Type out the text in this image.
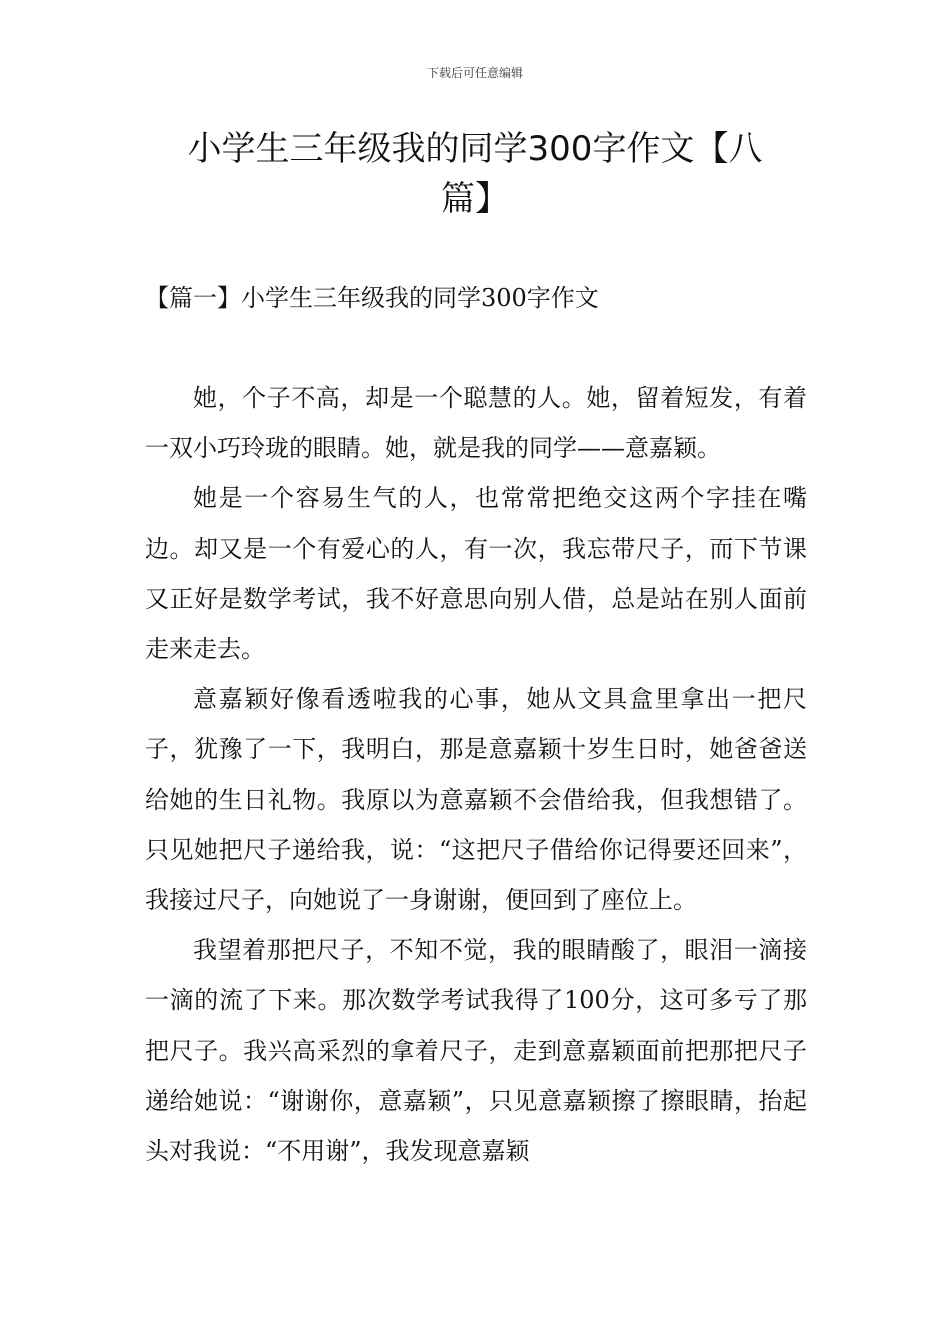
下载后可任意编辑
小学生三年级我的同学300字作文【八篇】
【篇一】小学生三年级我的同学300字作文

她，个子不高，却是一个聪慧的人。她，留着短发，有着一双小巧玲珑的眼睛。她，就是我的同学——意嘉颖。

她是一个容易生气的人，也常常把绝交这两个字挂在嘴边。却又是一个有爱心的人，有一次，我忘带尺子，而下节课又正好是数学考试，我不好意思向别人借，总是站在别人面前走来走去。

意嘉颖好像看透啦我的心事，她从文具盒里拿出一把尺子，犹豫了一下，我明白，那是意嘉颖十岁生日时，她爸爸送给她的生日礼物。我原以为意嘉颖不会借给我，但我想错了。只见她把尺子递给我，说：“这把尺子借给你记得要还回来”，我接过尺子，向她说了一身谢谢，便回到了座位上。

我望着那把尺子，不知不觉，我的眼睛酸了，眼泪一滴接一滴的流了下来。那次数学考试我得了100分，这可多亏了那把尺子。我兴高采烈的拿着尺子，走到意嘉颖面前把那把尺子递给她说：“谢谢你，意嘉颖”，只见意嘉颖擦了擦眼睛，抬起头对我说：“不用谢”，我发现意嘉颖
